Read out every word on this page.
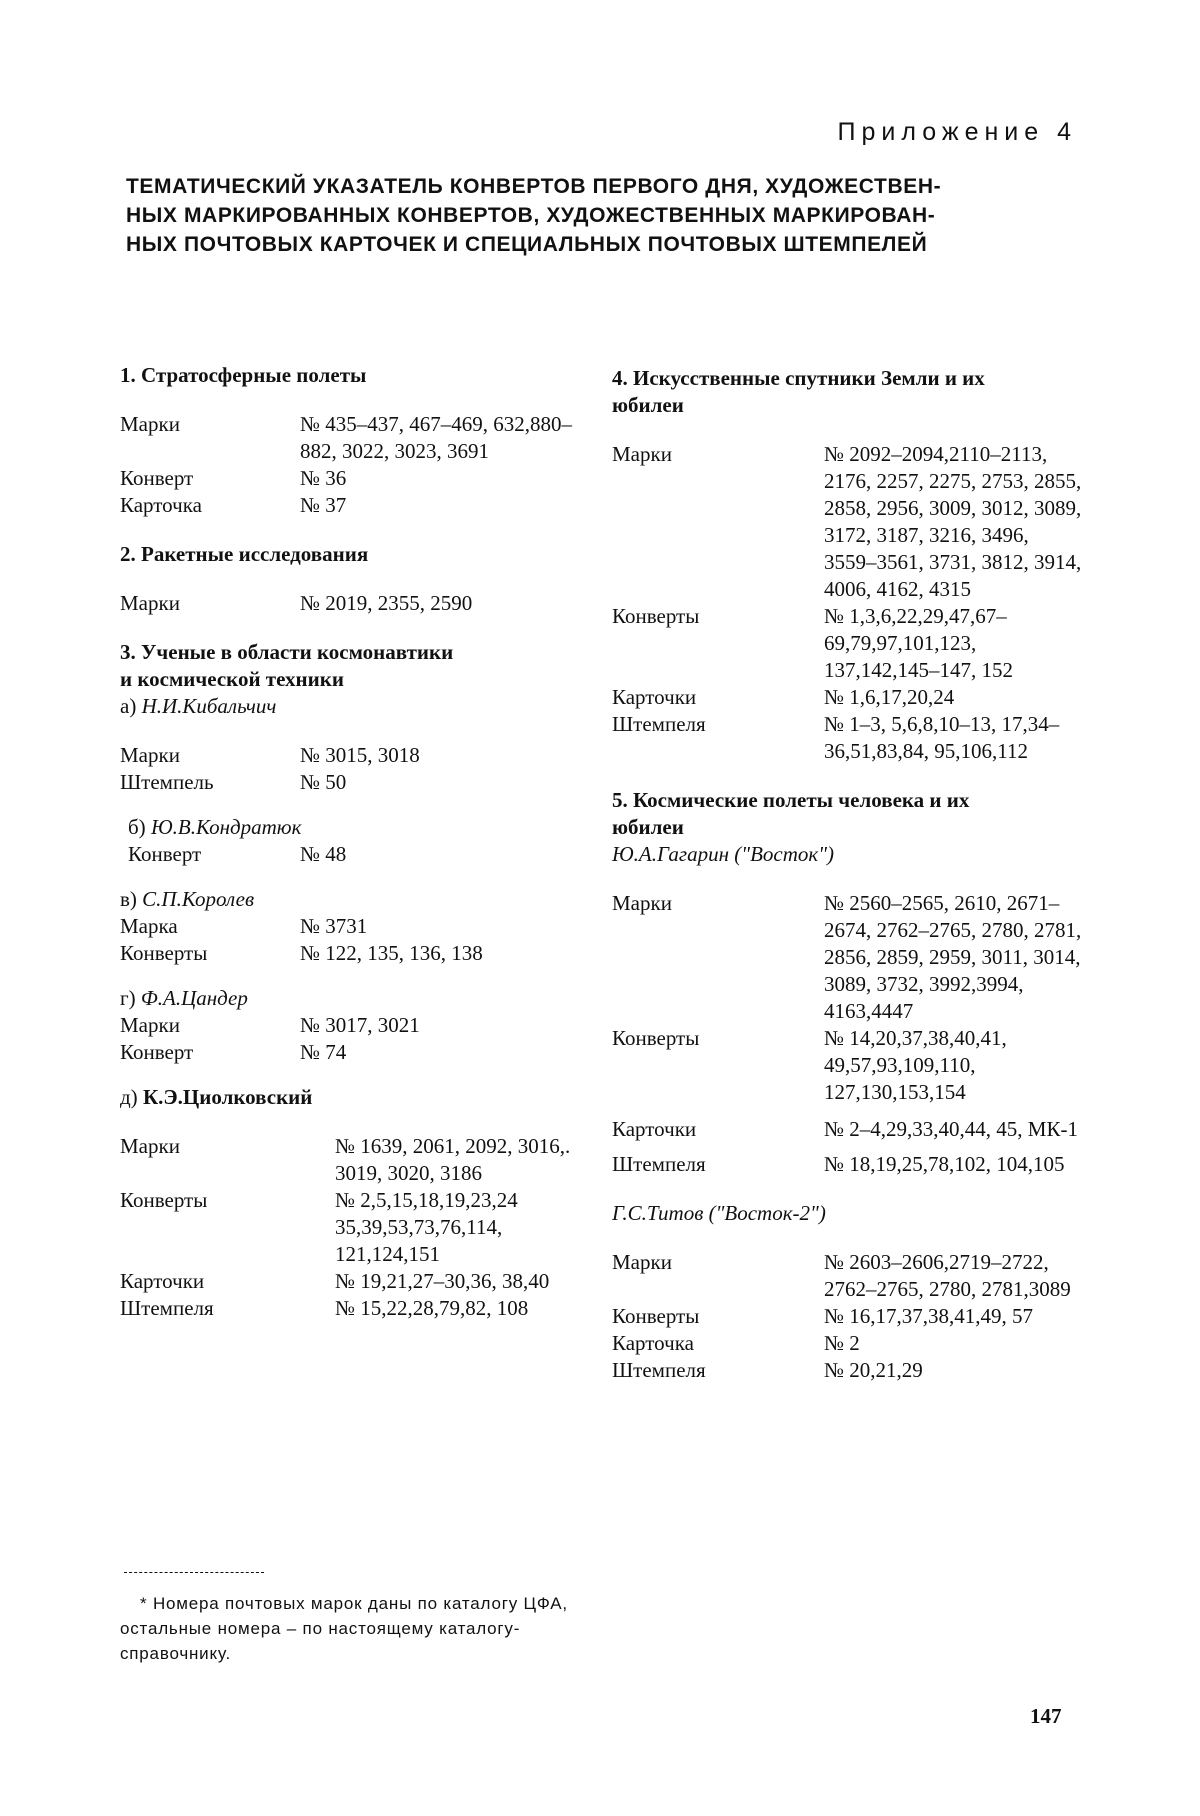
Приложение 4
ТЕМАТИЧЕСКИЙ УКАЗАТЕЛЬ КОНВЕРТОВ ПЕРВОГО ДНЯ, ХУДОЖЕСТВЕН-
НЫХ МАРКИРОВАННЫХ КОНВЕРТОВ, ХУДОЖЕСТВЕННЫХ МАРКИРОВАН-
НЫХ ПОЧТОВЫХ КАРТОЧЕК И СПЕЦИАЛЬНЫХ ПОЧТОВЫХ ШТЕМПЕЛЕЙ
1. Стратосферные полеты
Марки	№ 435–437, 467–469, 632,880–882, 3022, 3023, 3691
Конверт	№ 36
Карточка	№ 37
2. Ракетные исследования
Марки	№ 2019, 2355, 2590
3. Ученые в области космонавтики
и космической техники
а) Н.И.Кибальчич
Марки	№ 3015, 3018
Штемпель	№ 50
б) Ю.В.Кондратюк
Конверт	№ 48
в) С.П.Королев
Марка	№ 3731
Конверты	№ 122, 135, 136, 138
г) Ф.А.Цандер
Марки	№ 3017, 3021
Конверт	№ 74
д) К.Э.Циолковский
Марки	№ 1639, 2061, 2092, 3016,. 3019, 3020, 3186
Конверты	№ 2,5,15,18,19,23,24 35,39,53,73,76,114, 121,124,151
Карточки	№ 19,21,27–30,36, 38,40
Штемпеля	№ 15,22,28,79,82, 108
4. Искусственные спутники Земли и их
юбилеи
Марки	№ 2092–2094,2110–2113, 2176, 2257, 2275, 2753, 2855, 2858, 2956, 3009, 3012, 3089, 3172, 3187, 3216, 3496, 3559–3561, 3731, 3812, 3914, 4006, 4162, 4315
Конверты	№ 1,3,6,22,29,47,67–69,79,97,101,123, 137,142,145–147, 152
Карточки	№ 1,6,17,20,24
Штемпеля	№ 1–3, 5,6,8,10–13, 17,34–36,51,83,84, 95,106,112
5. Космические полеты человека и их
юбилеи
Ю.А.Гагарин ("Восток")
Марки	№ 2560–2565, 2610, 2671–2674, 2762–2765, 2780, 2781, 2856, 2859, 2959, 3011, 3014, 3089, 3732, 3992,3994, 4163,4447
Конверты	№ 14,20,37,38,40,41, 49,57,93,109,110, 127,130,153,154
Карточки	№ 2–4,29,33,40,44, 45, МК-1
Штемпеля	№ 18,19,25,78,102, 104,105
Г.С.Титов ("Восток-2")
Марки	№ 2603–2606,2719–2722, 2762–2765, 2780, 2781,3089
Конверты	№ 16,17,37,38,41,49, 57
Карточка	№ 2
Штемпеля	№ 20,21,29
* Номера почтовых марок даны по каталогу ЦФА, остальные номера – по настоящему каталогу-справочнику.
147
